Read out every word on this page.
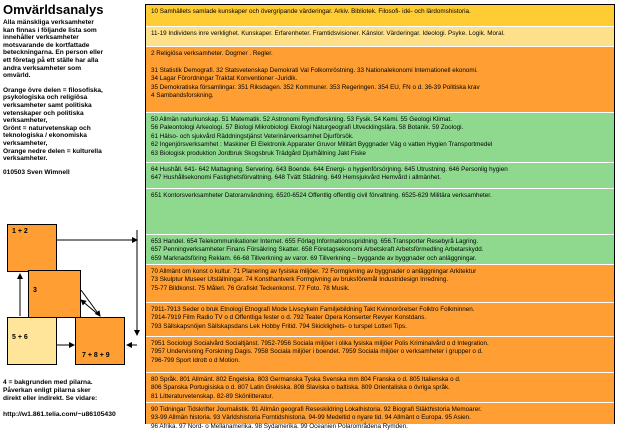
Omvärldsanalys
Alla mänskliga verksamheter
kan finnas i följande lista som
innehåller verksamheter
motsvarande de kortfattade
beteckningarna. En person eller
ett företag på ett ställe har alla
andra verksamheter som
omvärld.
Orange övre delen = filosofiska,
psykologiska och religiösa
verksamheter samt politiska
vetenskaper och politiska
verksamheter,
Grönt = naturvetenskap och
teknologiska / ekonomiska
verksamheter,
Orange nedre delen = kulturella
verksamheter.
010503 Sven Wimnell
1 + 2
3
5 + 6
7 + 8 + 9
4 = bakgrunden med pilarna.
Påverkan enligt pilarna sker
direkt eller indirekt. Se vidare:
http://w1.861.telia.com/~u86105430
10 Samhällets samlade kunskaper och övergripande värderingar. Arkiv. Bibliotek. Filosofi- idé- och lärdomshistoria.
11-19 Individens inre verklighet. Kunskaper. Erfarenheter. Framtidsvisioner. Känslor. Värderingar. Ideologi. Psyke. Logik. Moral.
2 Religiösa verksamheter. Dogmer . Regler.

31 Statistik Demografi. 32 Statsvetenskap Demokrati Val Folkomröstning. 33 Nationalekonomi Internationell ekonomi.
34 Lagar Förordningar Traktat Konventioner -Juridik.
35 Demokratiska församlingar. 351 Riksdagen. 352 Kommuner. 353 Regeringen. 354 EU, FN o d. 36-39 Politiska krav
4 Sambandsforskning.
50 Allmän naturkunskap. 51 Matematik. 52 Astronomi Rymdforskning. 53 Fysik. 54 Kemi. 55 Geologi Klimat.
56 Paleontologi Arkeologi. 57 Biologi Mikrobiologi Ekologi Naturgeografi Utvecklingslära. 58 Botanik. 59 Zoologi.
61 Hälso- och sjukvård Räddningstjänst Veterinärverksamhet Djurförsök.
62 Ingenjörsverksamhet : Maskiner El Elektronik Apparater Gruvor Militärt Byggnader Väg o vatten Hygien Transportmedel
63 Biologisk produktion Jordbruk Skogsbruk Trädgård Djurhållning Jakt Fiske
64 Hushåll. 641- 642 Mattagning. Servering. 643 Boende. 644 Energi- o hygienförsörjning. 645 Utrustning. 646 Personlig hygien
647 Hushållsekonomi Fastighetsförvaltning. 648 Tvätt Städning. 649 Hemsjukvård Hemvård i allmänhet.
651 Kontorsverksamheter Datoranvändning. 6520-6524 Offentlig offentlig civil förvaltning. 6525-629 Militära verksamheter.
653 Handel. 654 Telekommunikationer Internet. 655 Förlag Informationsspridning. 656.Transporter Resebyrå Lagring.
657 Penningverksamheter Finans Försäkring Skatter. 658 Företagsekonomi Arbetskraft Arbetsförmedling Arbetarskydd.
659 Marknadsföring Reklam. 66-68 Tillverkning av varor. 69 Tillverkning – byggande av byggnader och anläggningar.
70 Allmänt om konst o kultur. 71 Planering av fysiska miljöer. 72 Formgivning av byggnader o anläggningar Arkitektur
73 Skulptur Museer Utställningar. 74 Konsthantverk Formgivning av bruksföremål Industridesign Inredning.
75-77 Bildkonst. 75 Måleri. 76 Grafiskt Teckenkonst. 77 Foto. 78 Musik.
7911-7913 Seder o bruk Etnologi Etnografi Mode Livscykeln Familjebildning Takt Kvinnorörelser Folktro Folkminnen.
7914-7919 Film Radio TV o d Offentliga fester o d. 792 Teater Opera Konserter Revyer Konstdans.
793 Sällskapsnöjen Sällskapsdans Lek Hobby Fritid. 794 Skicklighets- o turspel Lotteri Tips.
7951 Sociologi Socialvård Socialtjänst. 7952-7956 Sociala miljöer i olika fysiska miljöer Polis Kriminalvård o d Integration.
7957 Undervisning Forskning Dagis. 7958 Sociala miljöer i boendet. 7959 Sociala miljöer o verksamheter i grupper o d.
796-799 Sport Idrott o d Motion.
80 Språk. 801 Allmänt. 802 Engelska. 803 Germanska Tyska Svenska mm 804 Franska o d. 805 Italienska o d.
806 Spanska Portugisiska o d. 807 Latin Grekiska. 808 Slaviska o baltiska. 809 Orientaliska o övriga språk.
81 Litteraturvetenskap. 82-89 Skönlitteratur.
90 Tidningar Tidskrifter Journalistik. 91 Allmän geografi Reseskildring Lokalhistoria. 92 Biografi Släkthistoria Memoarer.
93-99 Allmän historia. 93 Världshistoria Forntidshistoria. 94-99 Medeltid o nyare tid. 94 Allmänt o Europa. 95 Asien.
96 Afrika. 97 Nord- o Mellanamerika. 98 Sydamerika. 99 Oceanien Polarområdena Rymden.
